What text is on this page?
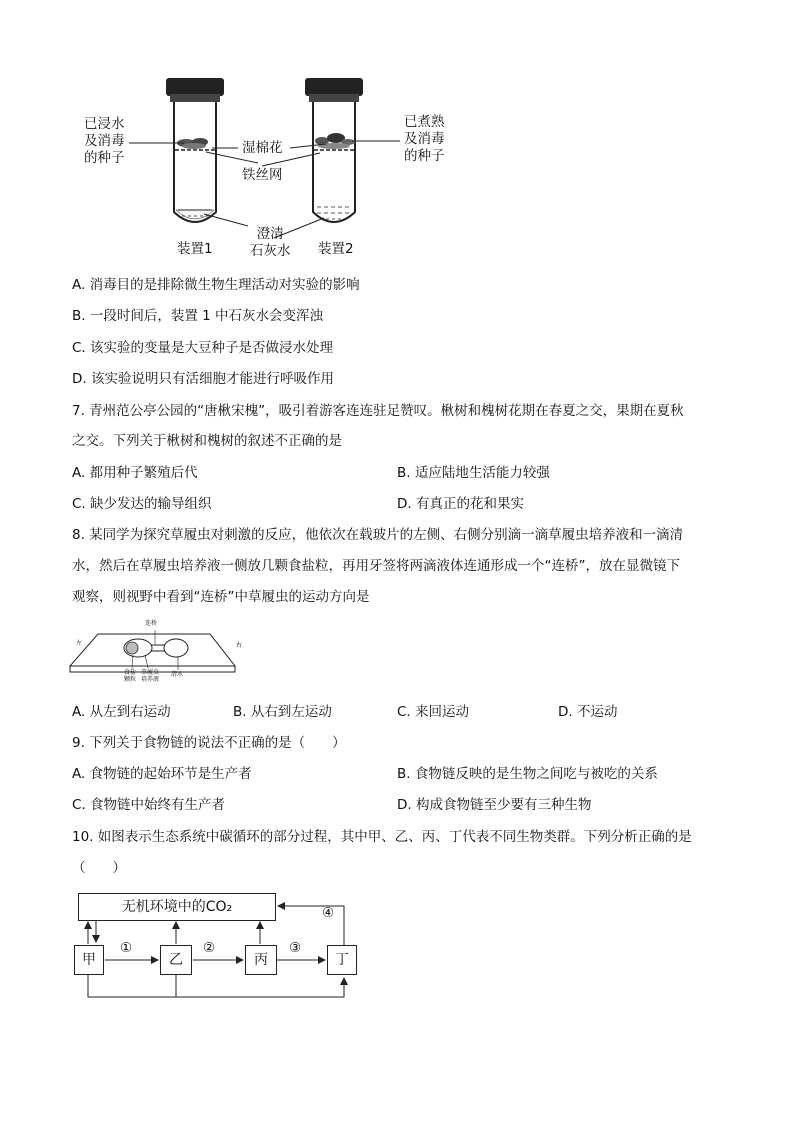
已浸水
及消毒
的种子
已煮熟
及消毒
的种子
湿棉花
铁丝网
澄清
石灰水
装置1	装置2
A. 消毒目的是排除微生物生理活动对实验的影响
B. 一段时间后，装置 1 中石灰水会变浑浊
C. 该实验的变量是大豆种子是否做浸水处理
D. 该实验说明只有活细胞才能进行呼吸作用
7. 青州范公亭公园的“唐楸宋槐”，吸引着游客连连驻足赞叹。楸树和槐树花期在春夏之交，果期在夏秋
之交。下列关于楸树和槐树的叙述不正确的是
A. 都用种子繁殖后代	B. 适应陆地生活能力较强
C. 缺少发达的输导组织	D. 有真正的花和果实
8. 某同学为探究草履虫对刺激的反应，他依次在载玻片的左侧、右侧分别滴一滴草履虫培养液和一滴清
水，然后在草履虫培养液一侧放几颗食盐粒，再用牙签将两滴液体连通形成一个“连桥”，放在显微镜下
观察，则视野中看到“连桥”中草履虫的运动方向是
连桥
左	右
食盐
颗粒
草履虫
培养液
清水
A. 从左到右运动	B. 从右到左运动	C. 来回运动	D. 不运动
9. 下列关于食物链的说法不正确的是（　　）
A. 食物链的起始环节是生产者	B. 食物链反映的是生物之间吃与被吃的关系
C. 食物链中始终有生产者	D. 构成食物链至少要有三种生物
10. 如图表示生态系统中碳循环的部分过程，其中甲、乙、丙、丁代表不同生物类群。下列分析正确的是
（　　）
无机环境中的CO₂
甲	乙	丙	丁
①	②	③
④
